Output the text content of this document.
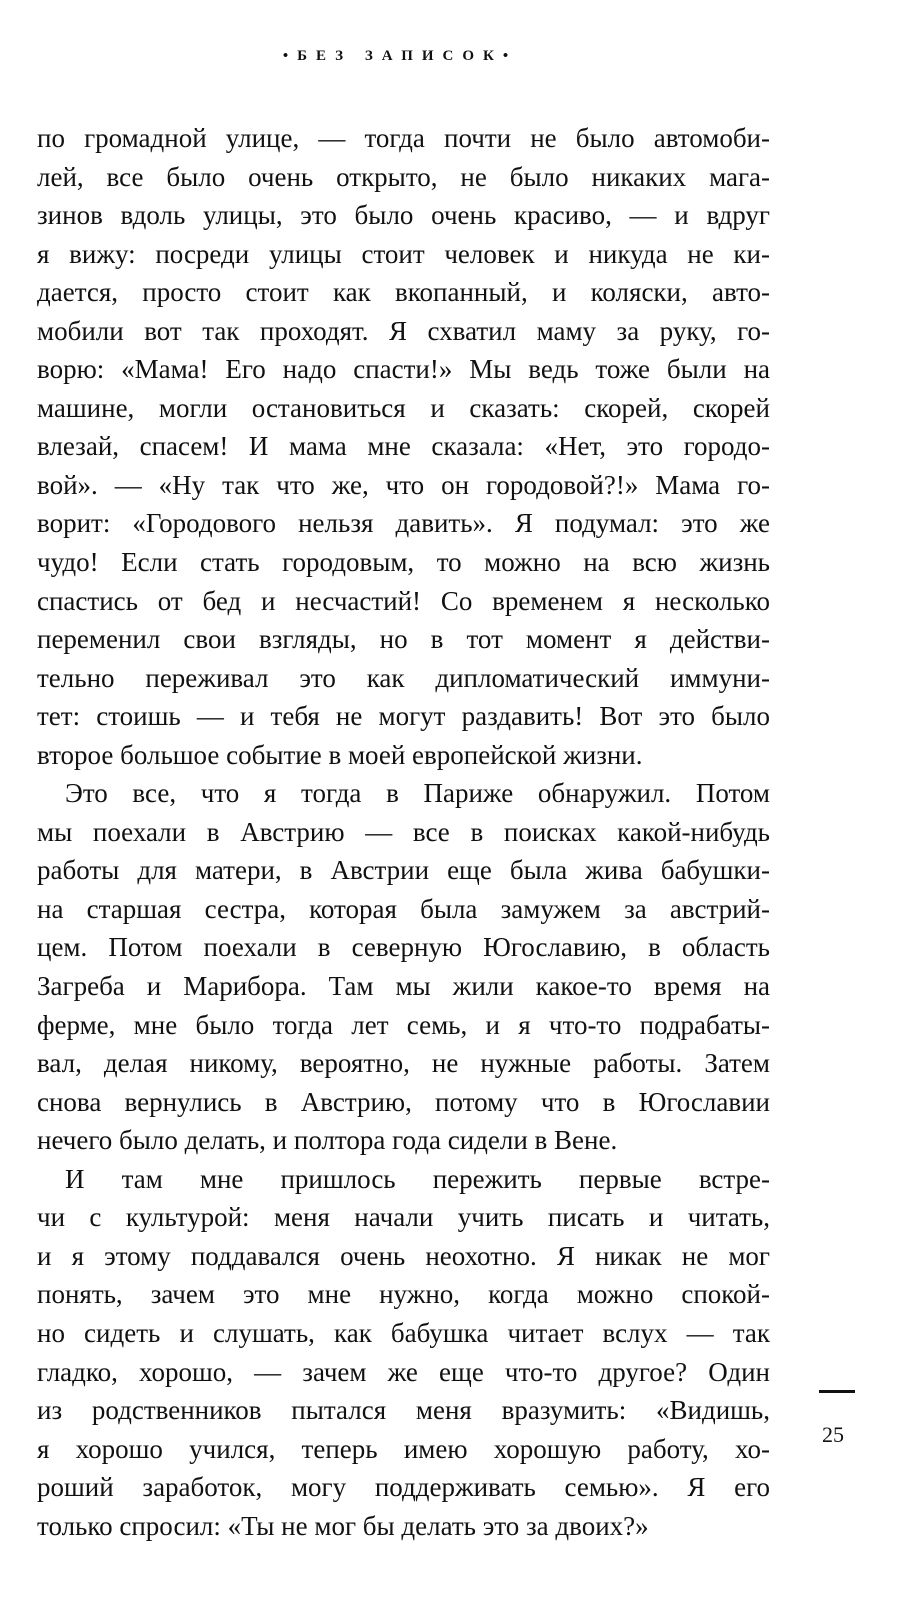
•БЕЗ ЗАПИСОК•
по громадной улице, — тогда почти не было автомоби-
лей, все было очень открыто, не было никаких мага-
зинов вдоль улицы, это было очень красиво, — и вдруг
я вижу: посреди улицы стоит человек и никуда не ки-
дается, просто стоит как вкопанный, и коляски, авто-
мобили вот так проходят. Я схватил маму за руку, го-
ворю: «Мама! Его надо спасти!» Мы ведь тоже были на
машине, могли остановиться и сказать: скорей, скорей
влезай, спасем! И мама мне сказала: «Нет, это городо-
вой». — «Ну так что же, что он городовой?!» Мама го-
ворит: «Городового нельзя давить». Я подумал: это же
чудо! Если стать городовым, то можно на всю жизнь
спастись от бед и несчастий! Со временем я несколько
переменил свои взгляды, но в тот момент я действи-
тельно переживал это как дипломатический иммуни-
тет: стоишь — и тебя не могут раздавить! Вот это было
второе большое событие в моей европейской жизни.
Это все, что я тогда в Париже обнаружил. Потом
мы поехали в Австрию — все в поисках какой-нибудь
работы для матери, в Австрии еще была жива бабушки-
на старшая сестра, которая была замужем за австрий-
цем. Потом поехали в северную Югославию, в область
Загреба и Марибора. Там мы жили какое-то время на
ферме, мне было тогда лет семь, и я что-то подрабаты-
вал, делая никому, вероятно, не нужные работы. Затем
снова вернулись в Австрию, потому что в Югославии
нечего было делать, и полтора года сидели в Вене.
И там мне пришлось пережить первые встре-
чи с культурой: меня начали учить писать и читать,
и я этому поддавался очень неохотно. Я никак не мог
понять, зачем это мне нужно, когда можно спокой-
но сидеть и слушать, как бабушка читает вслух — так
гладко, хорошо, — зачем же еще что-то другое? Один
из родственников пытался меня вразумить: «Видишь,
я хорошо учился, теперь имею хорошую работу, хо-
роший заработок, могу поддерживать семью». Я его
только спросил: «Ты не мог бы делать это за двоих?»
25
